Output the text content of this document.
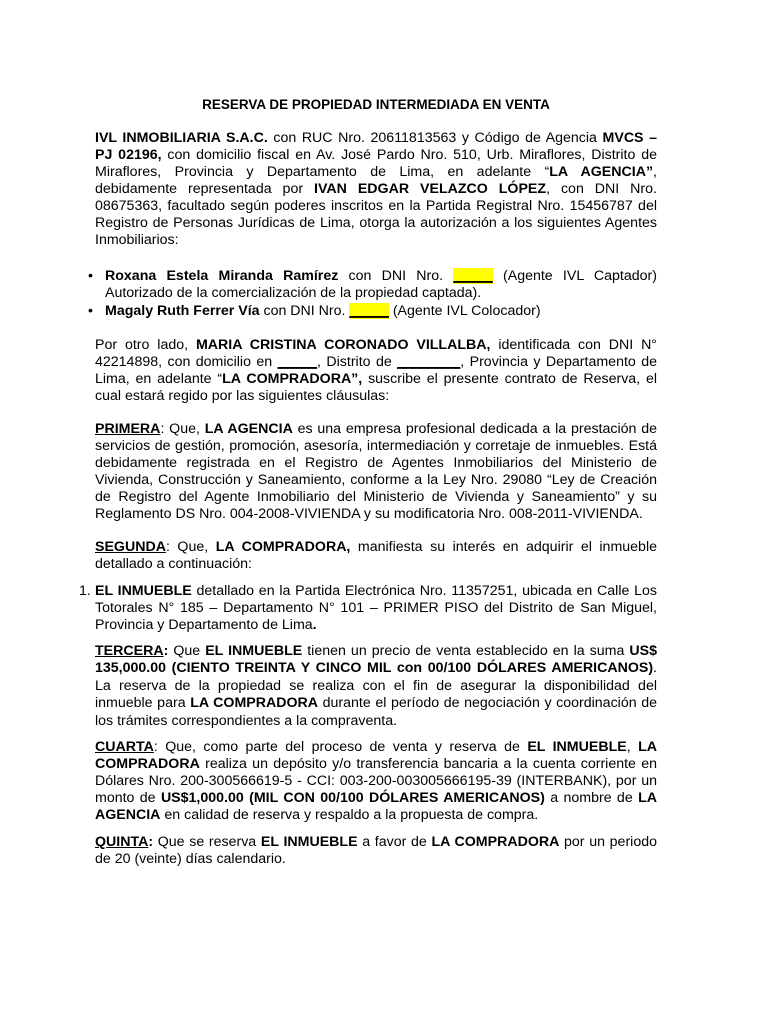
RESERVA DE PROPIEDAD INTERMEDIADA EN VENTA

IVL INMOBILIARIA S.A.C. con RUC Nro. 20611813563 y Código de Agencia MVCS – PJ 02196, con domicilio fiscal en Av. José Pardo Nro. 510, Urb. Miraflores, Distrito de Miraflores, Provincia y Departamento de Lima, en adelante “LA AGENCIA”, debidamente representada por IVAN EDGAR VELAZCO LÓPEZ, con DNI Nro. 08675363, facultado según poderes inscritos en la Partida Registral Nro. 15456787 del Registro de Personas Jurídicas de Lima, otorga la autorización a los siguientes Agentes Inmobiliarios:

• Roxana Estela Miranda Ramírez con DNI Nro. _____ (Agente IVL Captador) Autorizado de la comercialización de la propiedad captada).

• Magaly Ruth Ferrer Vía con DNI Nro. _____ (Agente IVL Colocador)

Por otro lado, MARIA CRISTINA CORONADO VILLALBA, identificada con DNI N° 42214898, con domicilio en _____, Distrito de ________, Provincia y Departamento de Lima, en adelante “LA COMPRADORA”, suscribe el presente contrato de Reserva, el cual estará regido por las siguientes cláusulas:

PRIMERA: Que, LA AGENCIA es una empresa profesional dedicada a la prestación de servicios de gestión, promoción, asesoría, intermediación y corretaje de inmuebles. Está debidamente registrada en el Registro de Agentes Inmobiliarios del Ministerio de Vivienda, Construcción y Saneamiento, conforme a la Ley Nro. 29080 “Ley de Creación de Registro del Agente Inmobiliario del Ministerio de Vivienda y Saneamiento” y su Reglamento DS Nro. 004-2008-VIVIENDA y su modificatoria Nro. 008-2011-VIVIENDA.

SEGUNDA: Que, LA COMPRADORA, manifiesta su interés en adquirir el inmueble detallado a continuación:

1. EL INMUEBLE detallado en la Partida Electrónica Nro. 11357251, ubicada en Calle Los Totorales N° 185 – Departamento N° 101 – PRIMER PISO del Distrito de San Miguel, Provincia y Departamento de Lima.

TERCERA: Que EL INMUEBLE tienen un precio de venta establecido en la suma US$ 135,000.00 (CIENTO TREINTA Y CINCO MIL con 00/100 DÓLARES AMERICANOS). La reserva de la propiedad se realiza con el fin de asegurar la disponibilidad del inmueble para LA COMPRADORA durante el período de negociación y coordinación de los trámites correspondientes a la compraventa.

CUARTA: Que, como parte del proceso de venta y reserva de EL INMUEBLE, LA COMPRADORA realiza un depósito y/o transferencia bancaria a la cuenta corriente en Dólares Nro. 200-300566619-5 - CCI: 003-200-003005666195-39 (INTERBANK), por un monto de US$1,000.00 (MIL CON 00/100 DÓLARES AMERICANOS) a nombre de LA AGENCIA en calidad de reserva y respaldo a la propuesta de compra.

QUINTA: Que se reserva EL INMUEBLE a favor de LA COMPRADORA por un periodo de 20 (veinte) días calendario.
